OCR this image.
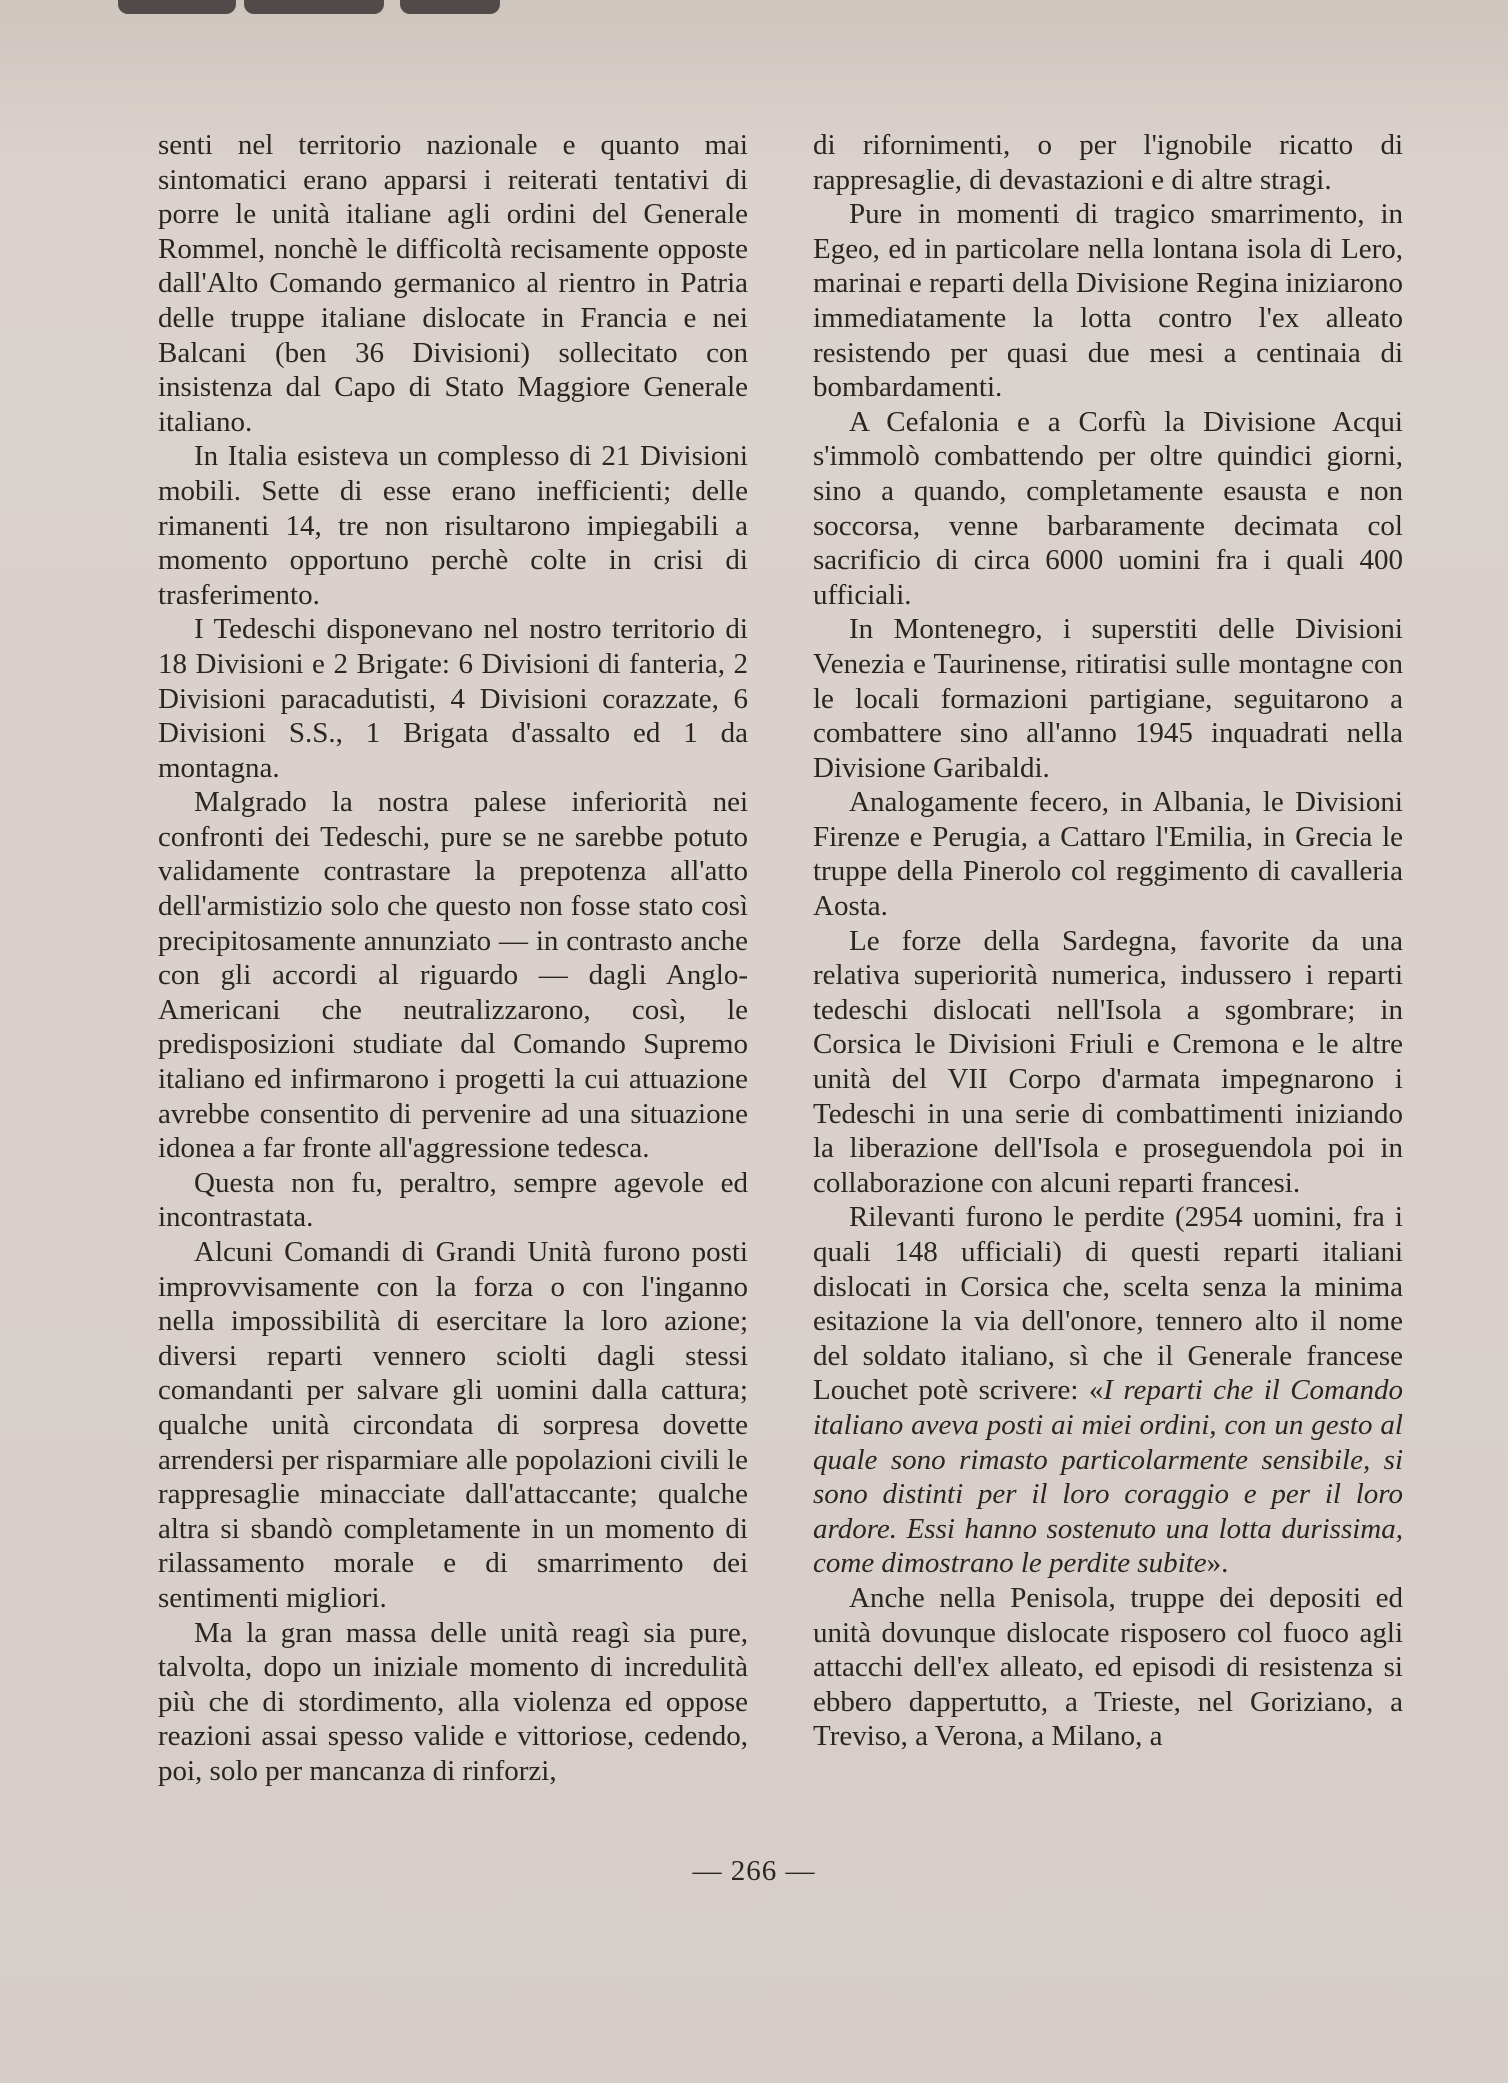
senti nel territorio nazionale e quanto mai sintomatici erano apparsi i reiterati tentativi di porre le unità italiane agli ordini del Generale Rommel, nonchè le difficoltà recisamente opposte dall'Alto Comando germanico al rientro in Patria delle truppe italiane dislocate in Francia e nei Balcani (ben 36 Divisioni) sollecitato con insistenza dal Capo di Stato Maggiore Generale italiano.

In Italia esisteva un complesso di 21 Divisioni mobili. Sette di esse erano inefficienti; delle rimanenti 14, tre non risultarono impiegabili a momento opportuno perchè colte in crisi di trasferimento.

I Tedeschi disponevano nel nostro territorio di 18 Divisioni e 2 Brigate: 6 Divisioni di fanteria, 2 Divisioni paracadutisti, 4 Divisioni corazzate, 6 Divisioni S.S., 1 Brigata d'assalto ed 1 da montagna.

Malgrado la nostra palese inferiorità nei confronti dei Tedeschi, pure se ne sarebbe potuto validamente contrastare la prepotenza all'atto dell'armistizio solo che questo non fosse stato così precipitosamente annunziato — in contrasto anche con gli accordi al riguardo — dagli Anglo-Americani che neutralizzarono, così, le predisposizioni studiate dal Comando Supremo italiano ed infirmarono i progetti la cui attuazione avrebbe consentito di pervenire ad una situazione idonea a far fronte all'aggressione tedesca.

Questa non fu, peraltro, sempre agevole ed incontrastata.

Alcuni Comandi di Grandi Unità furono posti improvvisamente con la forza o con l'inganno nella impossibilità di esercitare la loro azione; diversi reparti vennero sciolti dagli stessi comandanti per salvare gli uomini dalla cattura; qualche unità circondata di sorpresa dovette arrendersi per risparmiare alle popolazioni civili le rappresaglie minacciate dall'attaccante; qualche altra si sbandò completamente in un momento di rilassamento morale e di smarrimento dei sentimenti migliori.

Ma la gran massa delle unità reagì sia pure, talvolta, dopo un iniziale momento di incredulità più che di stordimento, alla violenza ed oppose reazioni assai spesso valide e vittoriose, cedendo, poi, solo per mancanza di rinforzi,

di rifornimenti, o per l'ignobile ricatto di rappresaglie, di devastazioni e di altre stragi.

Pure in momenti di tragico smarrimento, in Egeo, ed in particolare nella lontana isola di Lero, marinai e reparti della Divisione Regina iniziarono immediatamente la lotta contro l'ex alleato resistendo per quasi due mesi a centinaia di bombardamenti.

A Cefalonia e a Corfù la Divisione Acqui s'immolò combattendo per oltre quindici giorni, sino a quando, completamente esausta e non soccorsa, venne barbaramente decimata col sacrificio di circa 6000 uomini fra i quali 400 ufficiali.

In Montenegro, i superstiti delle Divisioni Venezia e Taurinense, ritiratisi sulle montagne con le locali formazioni partigiane, seguitarono a combattere sino all'anno 1945 inquadrati nella Divisione Garibaldi.

Analogamente fecero, in Albania, le Divisioni Firenze e Perugia, a Cattaro l'Emilia, in Grecia le truppe della Pinerolo col reggimento di cavalleria Aosta.

Le forze della Sardegna, favorite da una relativa superiorità numerica, indussero i reparti tedeschi dislocati nell'Isola a sgombrare; in Corsica le Divisioni Friuli e Cremona e le altre unità del VII Corpo d'armata impegnarono i Tedeschi in una serie di combattimenti iniziando la liberazione dell'Isola e proseguendola poi in collaborazione con alcuni reparti francesi.

Rilevanti furono le perdite (2954 uomini, fra i quali 148 ufficiali) di questi reparti italiani dislocati in Corsica che, scelta senza la minima esitazione la via dell'onore, tennero alto il nome del soldato italiano, sì che il Generale francese Louchet potè scrivere: «I reparti che il Comando italiano aveva posti ai miei ordini, con un gesto al quale sono rimasto particolarmente sensibile, si sono distinti per il loro coraggio e per il loro ardore. Essi hanno sostenuto una lotta durissima, come dimostrano le perdite subite».

Anche nella Penisola, truppe dei depositi ed unità dovunque dislocate risposero col fuoco agli attacchi dell'ex alleato, ed episodi di resistenza si ebbero dappertutto, a Trieste, nel Goriziano, a Treviso, a Verona, a Milano, a

— 266 —
